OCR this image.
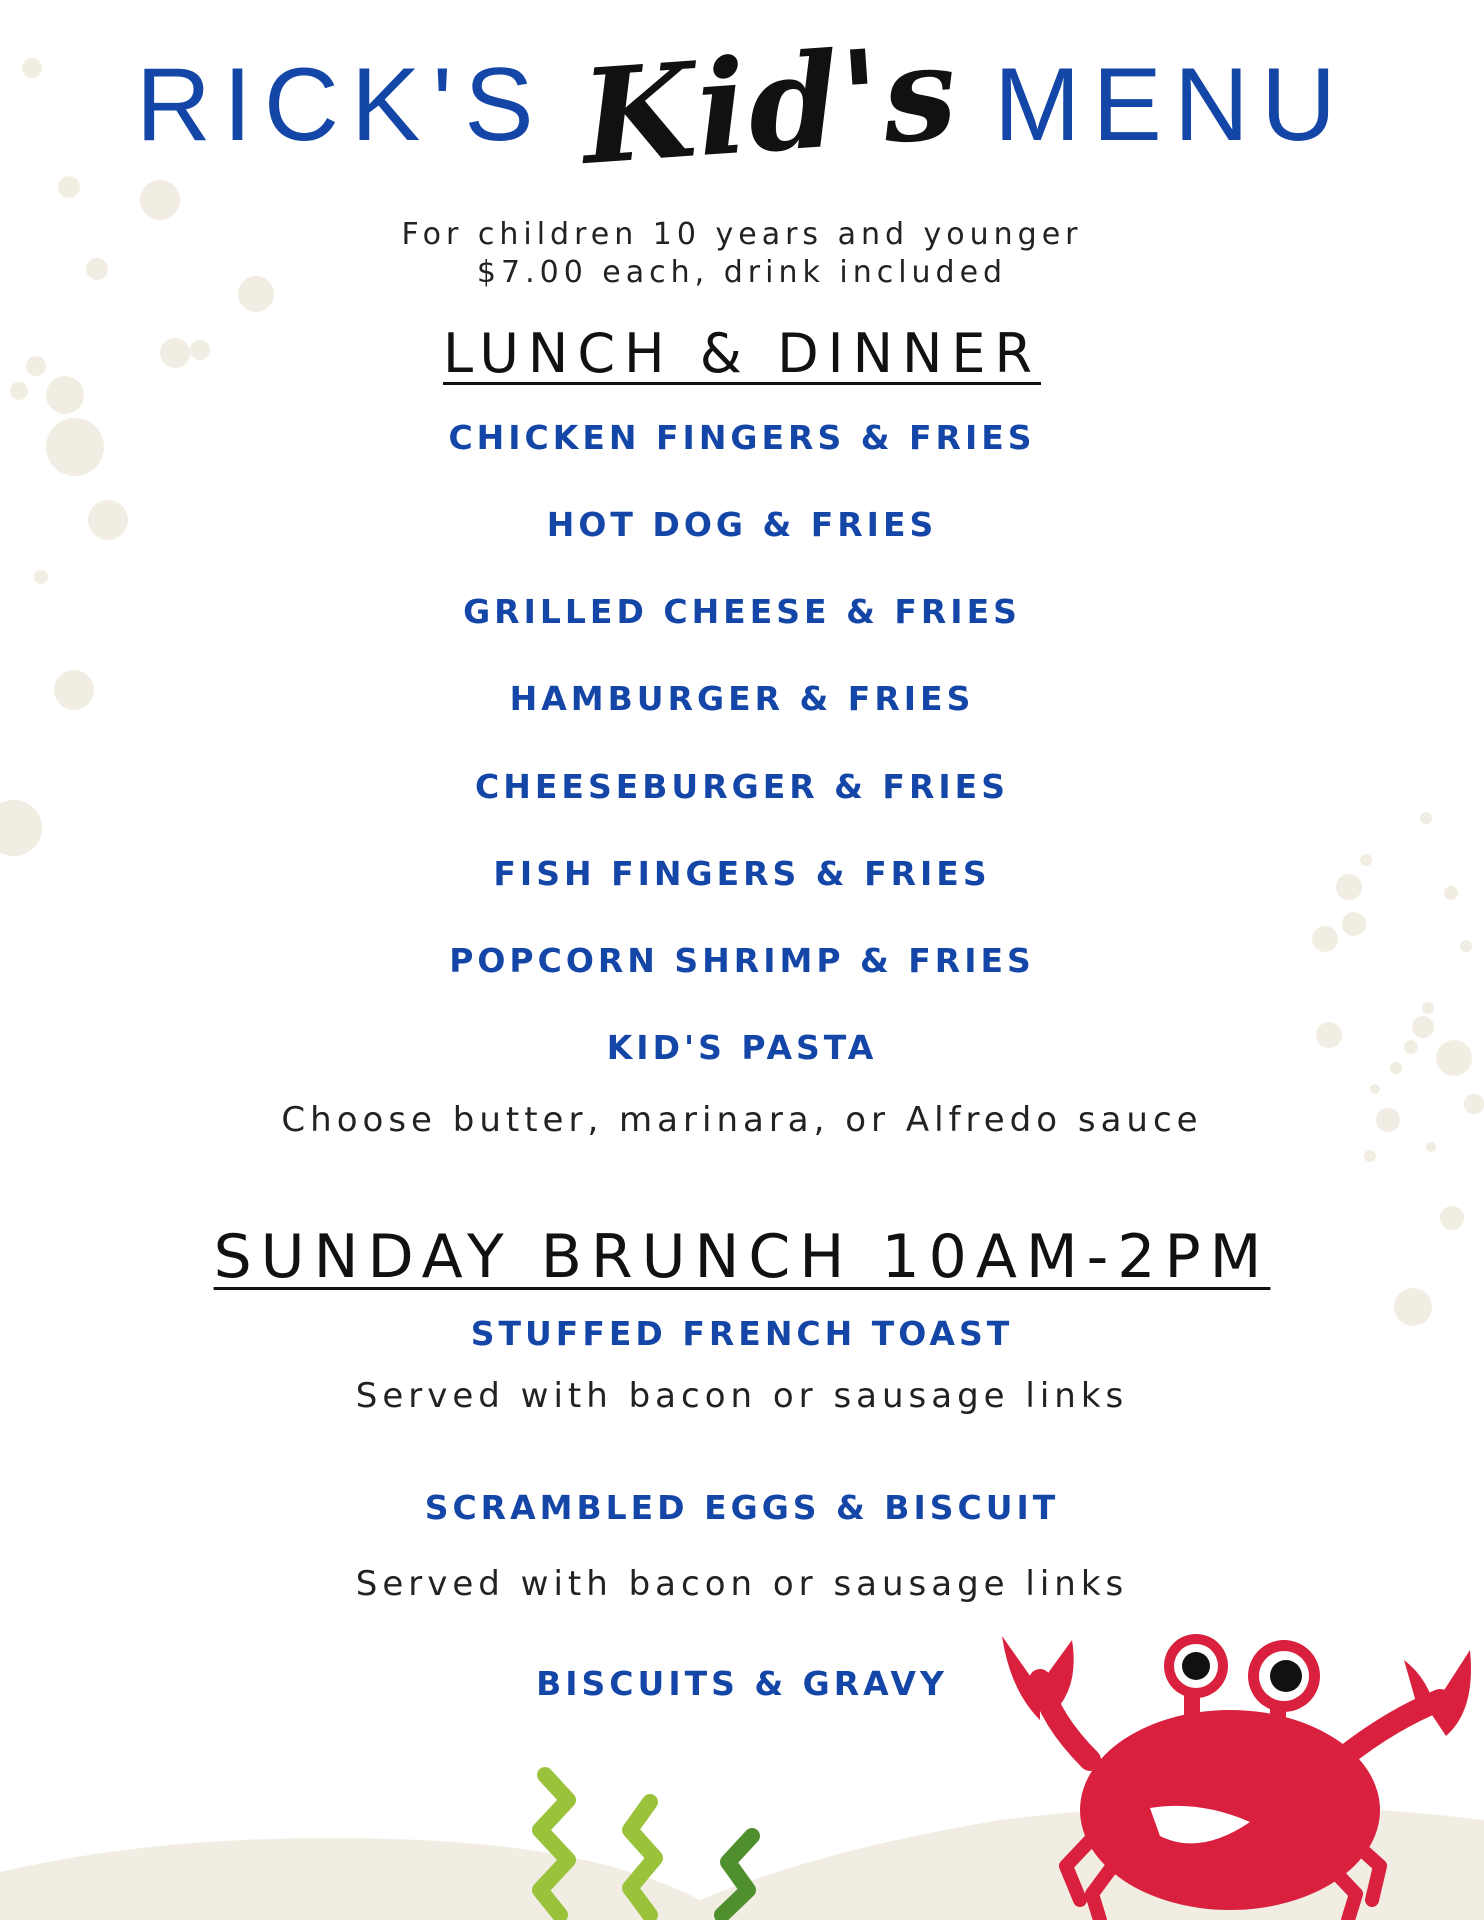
RICK'S Kid's MENU
For children 10 years and younger
$7.00 each, drink included
LUNCH & DINNER
CHICKEN FINGERS & FRIES
HOT DOG & FRIES
GRILLED CHEESE & FRIES
HAMBURGER & FRIES
CHEESEBURGER & FRIES
FISH FINGERS & FRIES
POPCORN SHRIMP & FRIES
KID'S PASTA
Choose butter, marinara, or Alfredo sauce
SUNDAY BRUNCH 10AM-2PM
STUFFED FRENCH TOAST
Served with bacon or sausage links
SCRAMBLED EGGS & BISCUIT
Served with bacon or sausage links
BISCUITS & GRAVY
